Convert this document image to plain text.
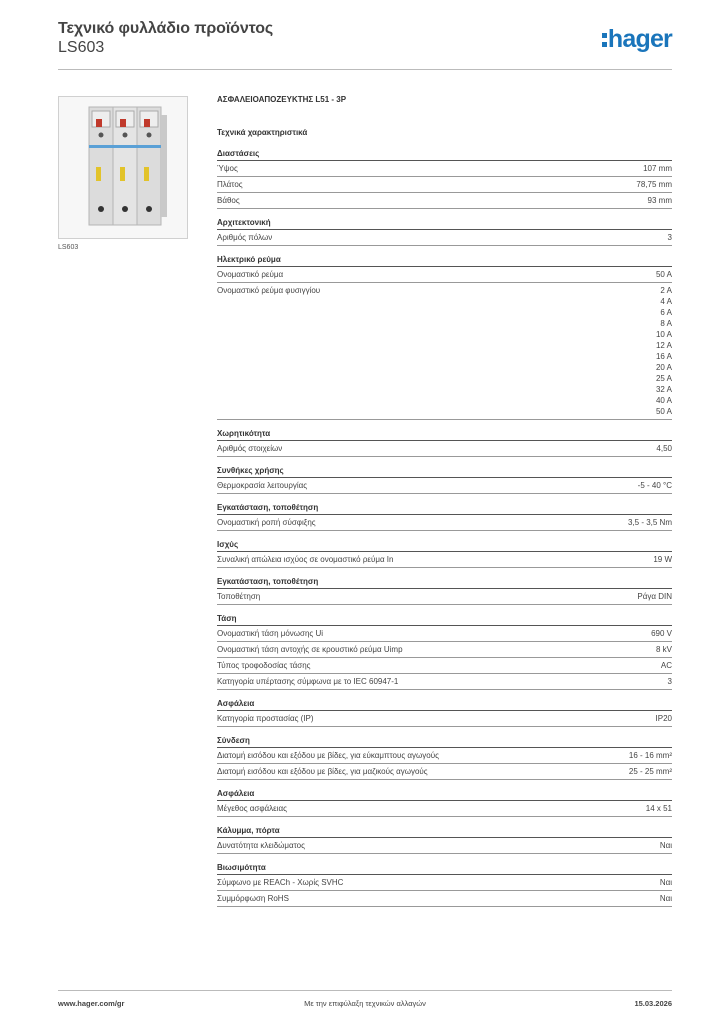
Τεχνικό φυλλάδιο προϊόντος
LS603	hager
LS603
ΑΣΦΑΛΕΙΟΑΠΟΖΕΥΚΤΗΣ L51 - 3P
Τεχνικά χαρακτηριστικά
Διαστάσεις
Ύψος	107 mm
Πλάτος	78,75 mm
Βάθος	93 mm
Αρχιτεκτονική
Αριθμός πόλων	3
Ηλεκτρικό ρεύμα
Ονομαστικό ρεύμα	50 A
Ονομαστικό ρεύμα φυσιγγίου	2 A
4 A
6 A
8 A
10 A
12 A
16 A
20 A
25 A
32 A
40 A
50 A
Χωρητικότητα
Αριθμός στοιχείων	4,50
Συνθήκες χρήσης
Θερμοκρασία λειτουργίας	-5 - 40 °C
Εγκατάσταση, τοποθέτηση
Ονομαστική ροπή σύσφιξης	3,5 - 3,5 Nm
Ισχύς
Συναλική απώλεια ισχύος σε ονομαστικό ρεύμα In	19 W
Εγκατάσταση, τοποθέτηση
Τοποθέτηση	Ράγα DIN
Τάση
Ονομαστική τάση μόνωσης Ui	690 V
Ονομαστική τάση αντοχής σε κρουστικό ρεύμα Uimp	8 kV
Τύπος τροφοδοσίας τάσης	AC
Κατηγορία υπέρτασης σύμφωνα με το IEC 60947-1	3
Ασφάλεια
Κατηγορία προστασίας (IP)	IP20
Σύνδεση
Διατομή εισόδου και εξόδου με βίδες, για εύκαμπτους αγωγούς	16 - 16 mm²
Διατομή εισόδου και εξόδου με βίδες, για μαζικούς αγωγούς	25 - 25 mm²
Ασφάλεια
Μέγεθος ασφάλειας	14 x 51
Κάλυμμα, πόρτα
Δυνατότητα κλειδώματος	Ναι
Βιωσιμότητα
Σύμφωνο με REACh - Χωρίς SVHC	Ναι
Συμμόρφωση RoHS	Ναι
www.hager.com/gr	Με την επιφύλαξη τεχνικών αλλαγών	15.03.2026
